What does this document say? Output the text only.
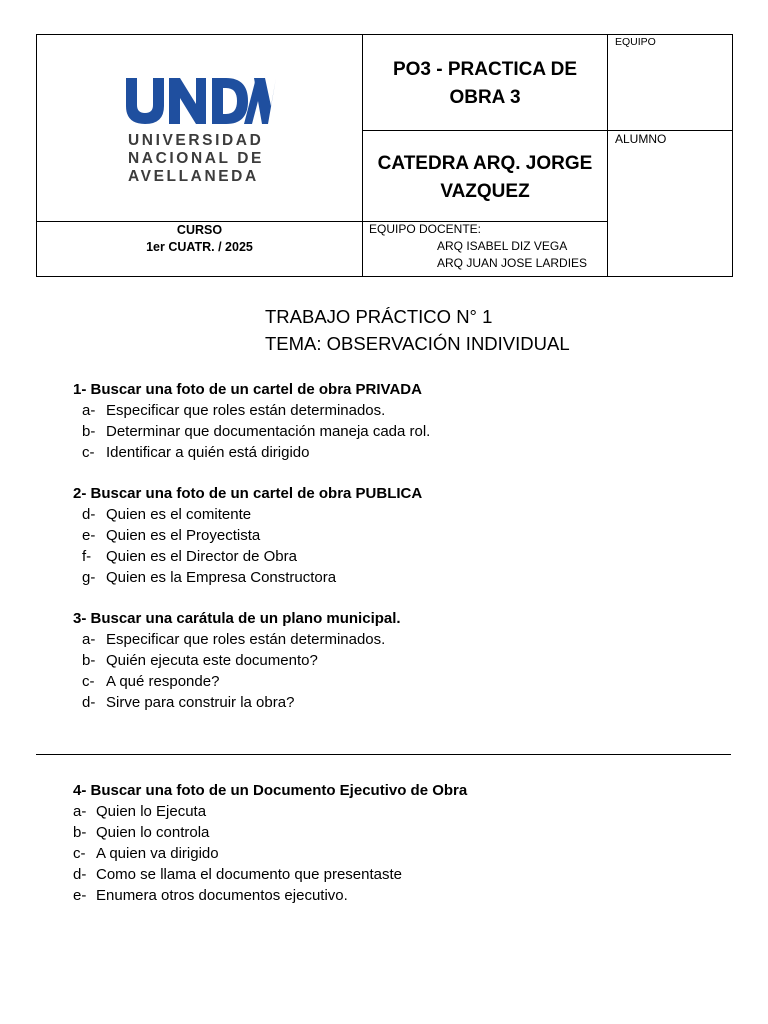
UNIVERSIDAD
NACIONAL DE
AVELLANEDA
PO3 - PRACTICA DE
OBRA 3
CATEDRA ARQ. JORGE
VAZQUEZ
EQUIPO
ALUMNO
CURSO
1er CUATR. / 2025
EQUIPO DOCENTE:
ARQ ISABEL DIZ VEGA
ARQ JUAN JOSE LARDIES
TRABAJO PRÁCTICO N° 1
TEMA: OBSERVACIÓN INDIVIDUAL
1- Buscar una foto de un cartel de obra PRIVADA
a- Especificar que roles están determinados.
b- Determinar que documentación maneja cada rol.
c- Identificar a quién está dirigido
2- Buscar una foto de un cartel de obra PUBLICA
d- Quien es el comitente
e- Quien es el Proyectista
f- Quien es el Director de Obra
g- Quien es la Empresa Constructora
3- Buscar una carátula de un plano municipal.
a- Especificar que roles están determinados.
b- Quién ejecuta este documento?
c- A qué responde?
d- Sirve para construir la obra?
4- Buscar una foto de un Documento Ejecutivo de Obra
a- Quien lo Ejecuta
b- Quien lo controla
c- A quien va dirigido
d- Como se llama el documento que presentaste
e- Enumera otros documentos ejecutivo.
